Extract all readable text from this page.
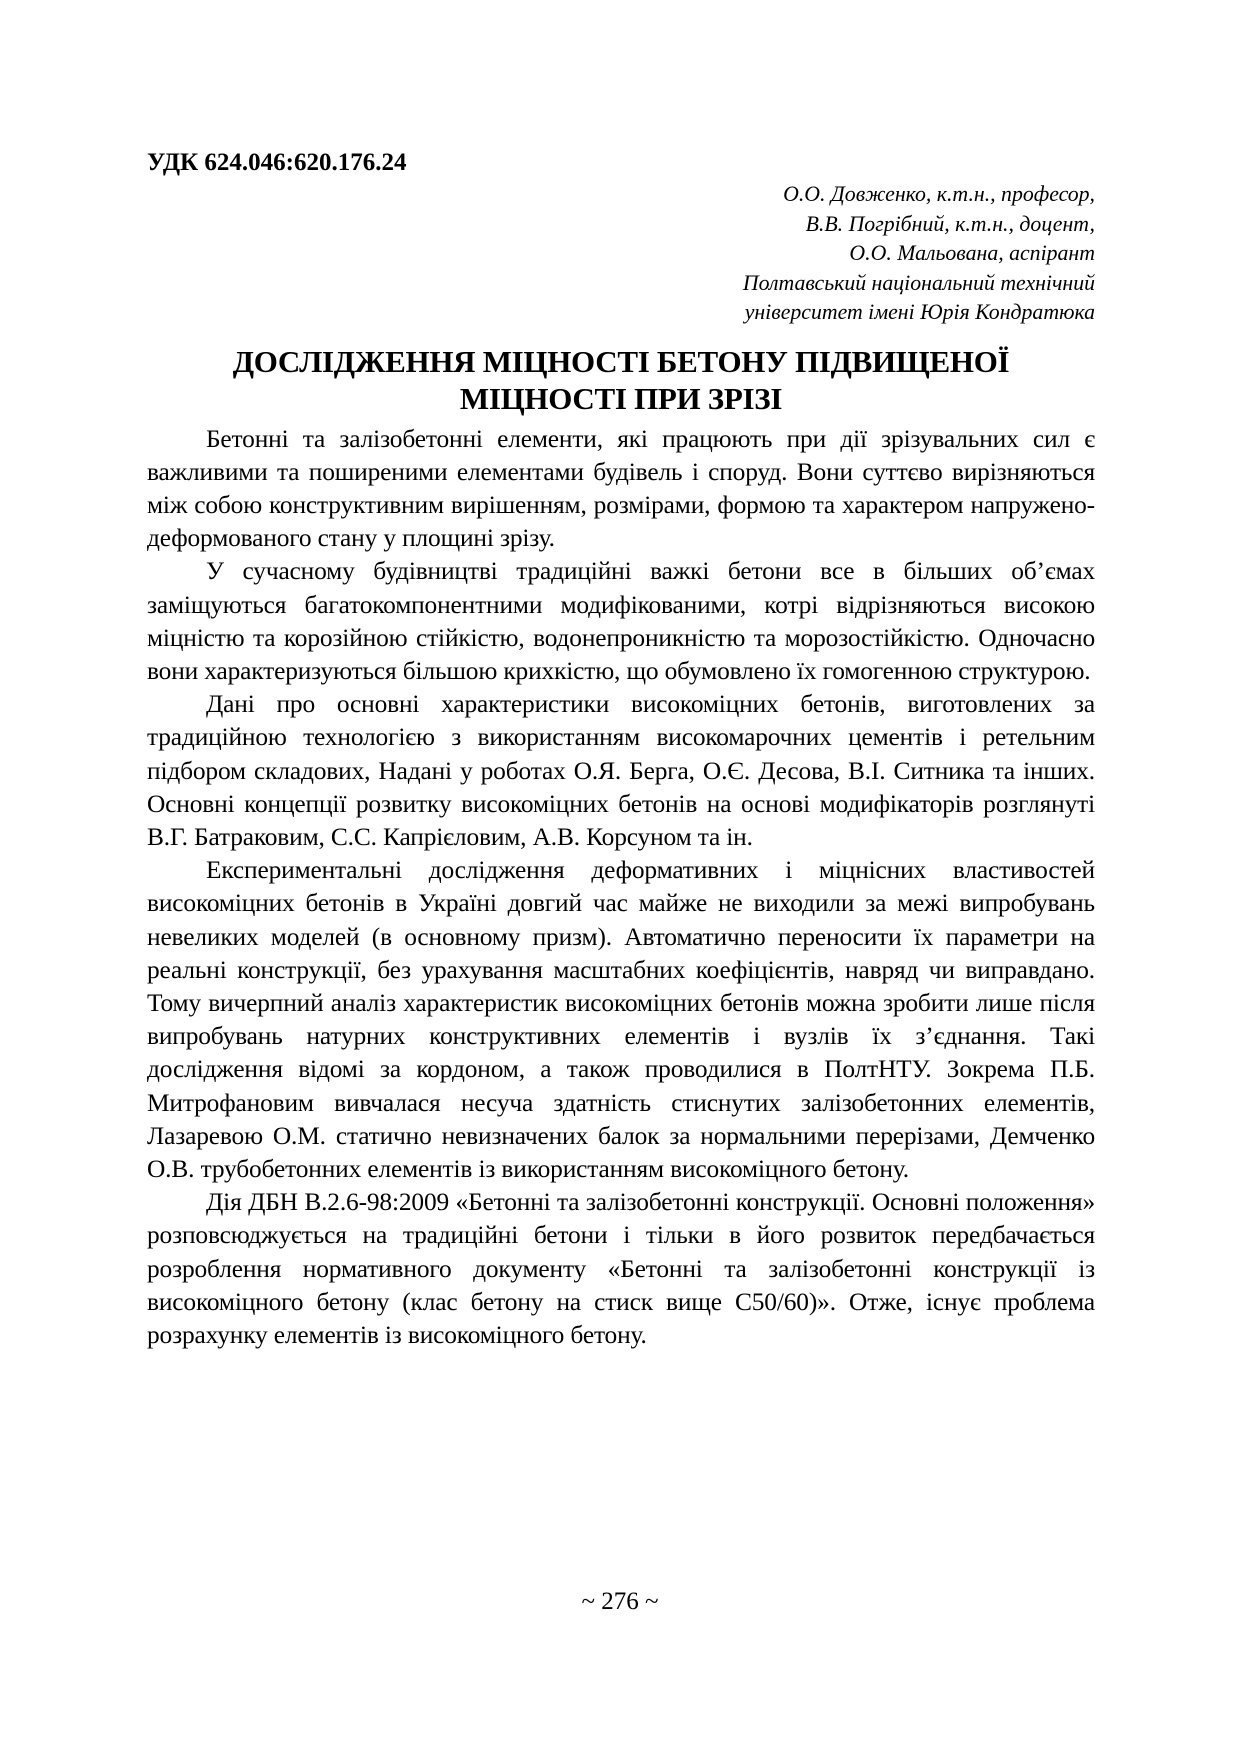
УДК 624.046:620.176.24

О.О. Довженко, к.т.н., професор,
В.В. Погрібний, к.т.н., доцент,
О.О. Мальована, аспірант
Полтавський національний технічний
університет імені Юрія Кондратюка
ДОСЛІДЖЕННЯ МІЦНОСТІ БЕТОНУ ПІДВИЩЕНОЇ
МІЦНОСТІ ПРИ ЗРІЗІ

Бетонні та залізобетонні елементи, які працюють при дії зрізувальних сил є важливими та поширеними елементами будівель і споруд. Вони суттєво вирізняються між собою конструктивним вирішенням, розмірами, формою та характером напружено-деформованого стану у площині зрізу.

У сучасному будівництві традиційні важкі бетони все в більших об’ємах заміщуються багатокомпонентними модифікованими, котрі відрізняються високою міцністю та корозійною стійкістю, водонепроникністю та морозостійкістю. Одночасно вони характеризуються більшою крихкістю, що обумовлено їх гомогенною структурою.

Дані про основні характеристики високоміцних бетонів, виготовлених за традиційною технологією з використанням високомарочних цементів і ретельним підбором складових, Надані у роботах О.Я. Берга, О.Є. Десова, В.І. Ситника та інших. Основні концепції розвитку високоміцних бетонів на основі модифікаторів розглянуті В.Г. Батраковим, С.С. Капрієловим, А.В. Корсуном та ін.

Експериментальні дослідження деформативних і міцнісних властивостей високоміцних бетонів в Україні довгий час майже не виходили за межі випробувань невеликих моделей (в основному призм). Автоматично переносити їх параметри на реальні конструкції, без урахування масштабних коефіцієнтів, навряд чи виправдано. Тому вичерпний аналіз характеристик високоміцних бетонів можна зробити лише після випробувань натурних конструктивних елементів і вузлів їх з’єднання. Такі дослідження відомі за кордоном, а також проводилися в ПолтНТУ. Зокрема П.Б. Митрофановим вивчалася несуча здатність стиснутих залізобетонних елементів, Лазаревою О.М. статично невизначених балок за нормальними перерізами, Демченко О.В. трубобетонних елементів із використанням високоміцного бетону.

Дія ДБН В.2.6-98:2009 «Бетонні та залізобетонні конструкції. Основні положення» розповсюджується на традиційні бетони і тільки в його розвиток передбачається розроблення нормативного документу «Бетонні та залізобетонні конструкції із високоміцного бетону (клас бетону на стиск вище С50/60)». Отже, існує проблема розрахунку елементів із високоміцного бетону.

~ 276 ~
